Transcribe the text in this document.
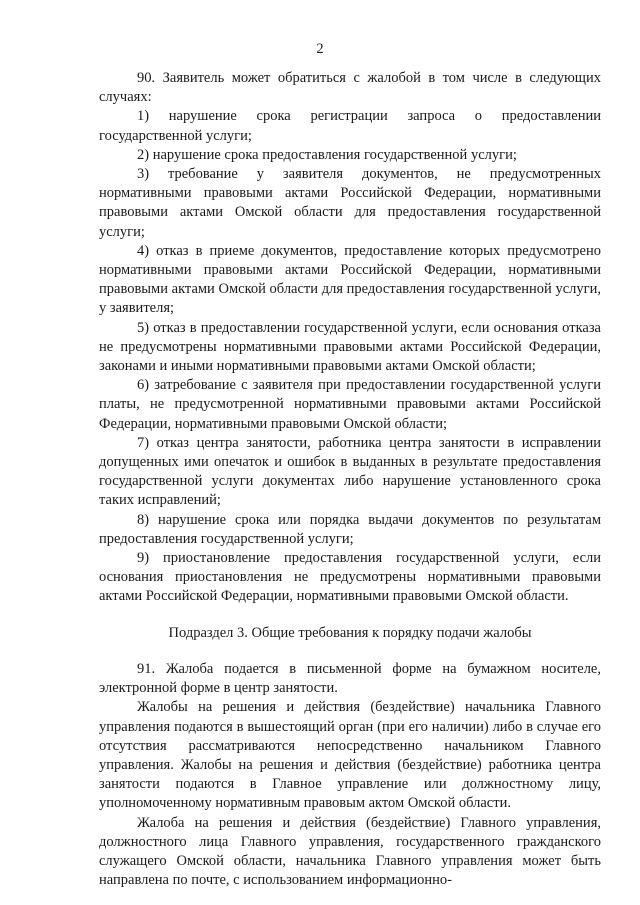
2

90. Заявитель может обратиться с жалобой в том числе в следующих случаях:

1) нарушение срока регистрации запроса о предоставлении государственной услуги;

2) нарушение срока предоставления государственной услуги;

3) требование у заявителя документов, не предусмотренных нормативными правовыми актами Российской Федерации, нормативными правовыми актами Омской области для предоставления государственной услуги;

4) отказ в приеме документов, предоставление которых предусмотрено нормативными правовыми актами Российской Федерации, нормативными правовыми актами Омской области для предоставления государственной услуги, у заявителя;

5) отказ в предоставлении государственной услуги, если основания отказа не предусмотрены нормативными правовыми актами Российской Федерации, законами и иными нормативными правовыми актами Омской области;

6) затребование с заявителя при предоставлении государственной услуги платы, не предусмотренной нормативными правовыми актами Российской Федерации, нормативными правовыми Омской области;

7) отказ центра занятости, работника центра занятости в исправлении допущенных ими опечаток и ошибок в выданных в результате предоставления государственной услуги документах либо нарушение установленного срока таких исправлений;

8) нарушение срока или порядка выдачи документов по результатам предоставления государственной услуги;

9) приостановление предоставления государственной услуги, если основания приостановления не предусмотрены нормативными правовыми актами Российской Федерации, нормативными правовыми Омской области.

Подраздел 3. Общие требования к порядку подачи жалобы

91. Жалоба подается в письменной форме на бумажном носителе, электронной форме в центр занятости.

Жалобы на решения и действия (бездействие) начальника Главного управления подаются в вышестоящий орган (при его наличии) либо в случае его отсутствия рассматриваются непосредственно начальником Главного управления. Жалобы на решения и действия (бездействие) работника центра занятости подаются в Главное управление или должностному лицу, уполномоченному нормативным правовым актом Омской области.

Жалоба на решения и действия (бездействие) Главного управления, должностного лица Главного управления, государственного гражданского служащего Омской области, начальника Главного управления может быть направлена по почте, с использованием информационно-
